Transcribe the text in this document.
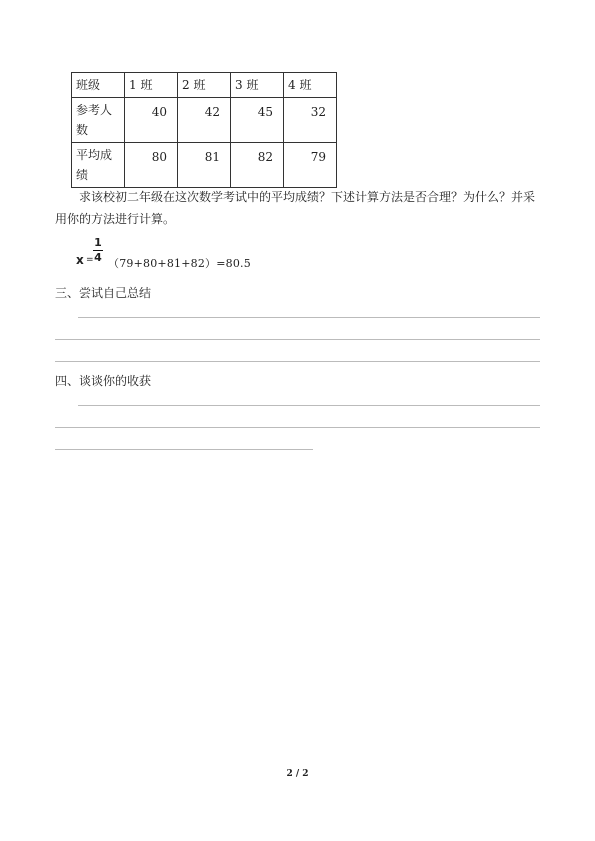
班级	1 班	2 班	3 班	4 班
参考人数	40	42	45	32
平均成绩	80	81	82	79

求该校初二年级在这次数学考试中的平均成绩？下述计算方法是否合理？为什么？并采用你的方法进行计算。

x =
1
4 （79+80+81+82）=80.5

三、尝试自己总结

四、谈谈你的收获

2 / 2
